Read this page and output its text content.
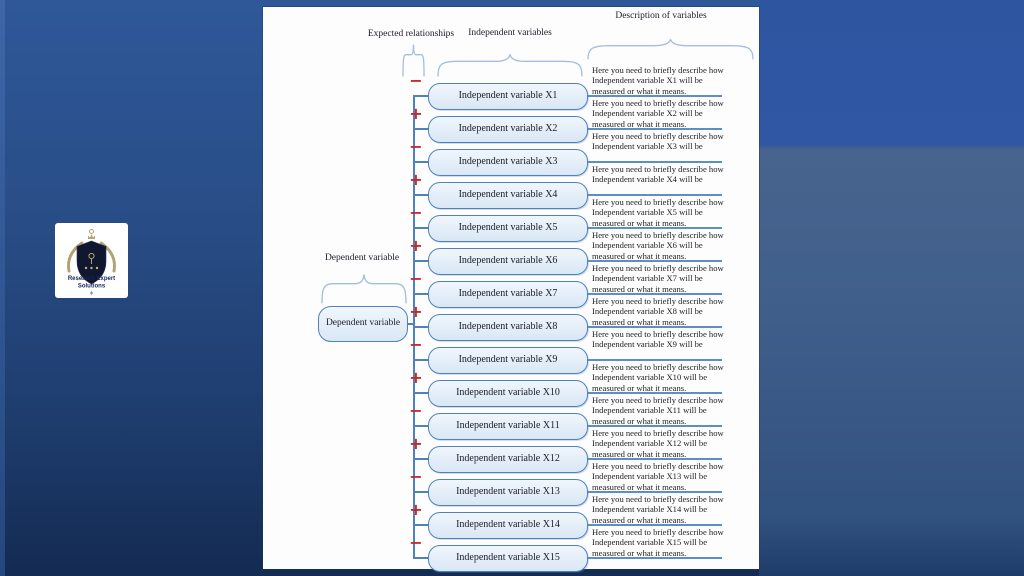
Research Expert
Solutions
Expected relationships	Independent variables
Description of variables
Dependent variable
Dependent variable
−
Independent variable X1
Here you need to briefly describe how
Independent variable X1 will be
measured or what it means.
+
Independent variable X2
Here you need to briefly describe how
Independent variable X2 will be
measured or what it means.
−
Independent variable X3
Here you need to briefly describe how
Independent variable X3 will be
+
Independent variable X4
Here you need to briefly describe how
Independent variable X4 will be
−
Independent variable X5
Here you need to briefly describe how
Independent variable X5 will be
measured or what it means.
+
Independent variable X6
Here you need to briefly describe how
Independent variable X6 will be
measured or what it means.
−
Independent variable X7
Here you need to briefly describe how
Independent variable X7 will be
measured or what it means.
+
Independent variable X8
Here you need to briefly describe how
Independent variable X8 will be
measured or what it means.
−
Independent variable X9
Here you need to briefly describe how
Independent variable X9 will be
+
Independent variable X10
Here you need to briefly describe how
Independent variable X10 will be
measured or what it means.
−
Independent variable X11
Here you need to briefly describe how
Independent variable X11 will be
measured or what it means.
+
Independent variable X12
Here you need to briefly describe how
Independent variable X12 will be
measured or what it means.
−
Independent variable X13
Here you need to briefly describe how
Independent variable X13 will be
measured or what it means.
+
Independent variable X14
Here you need to briefly describe how
Independent variable X14 will be
measured or what it means.
−
Independent variable X15
Here you need to briefly describe how
Independent variable X15 will be
measured or what it means.
